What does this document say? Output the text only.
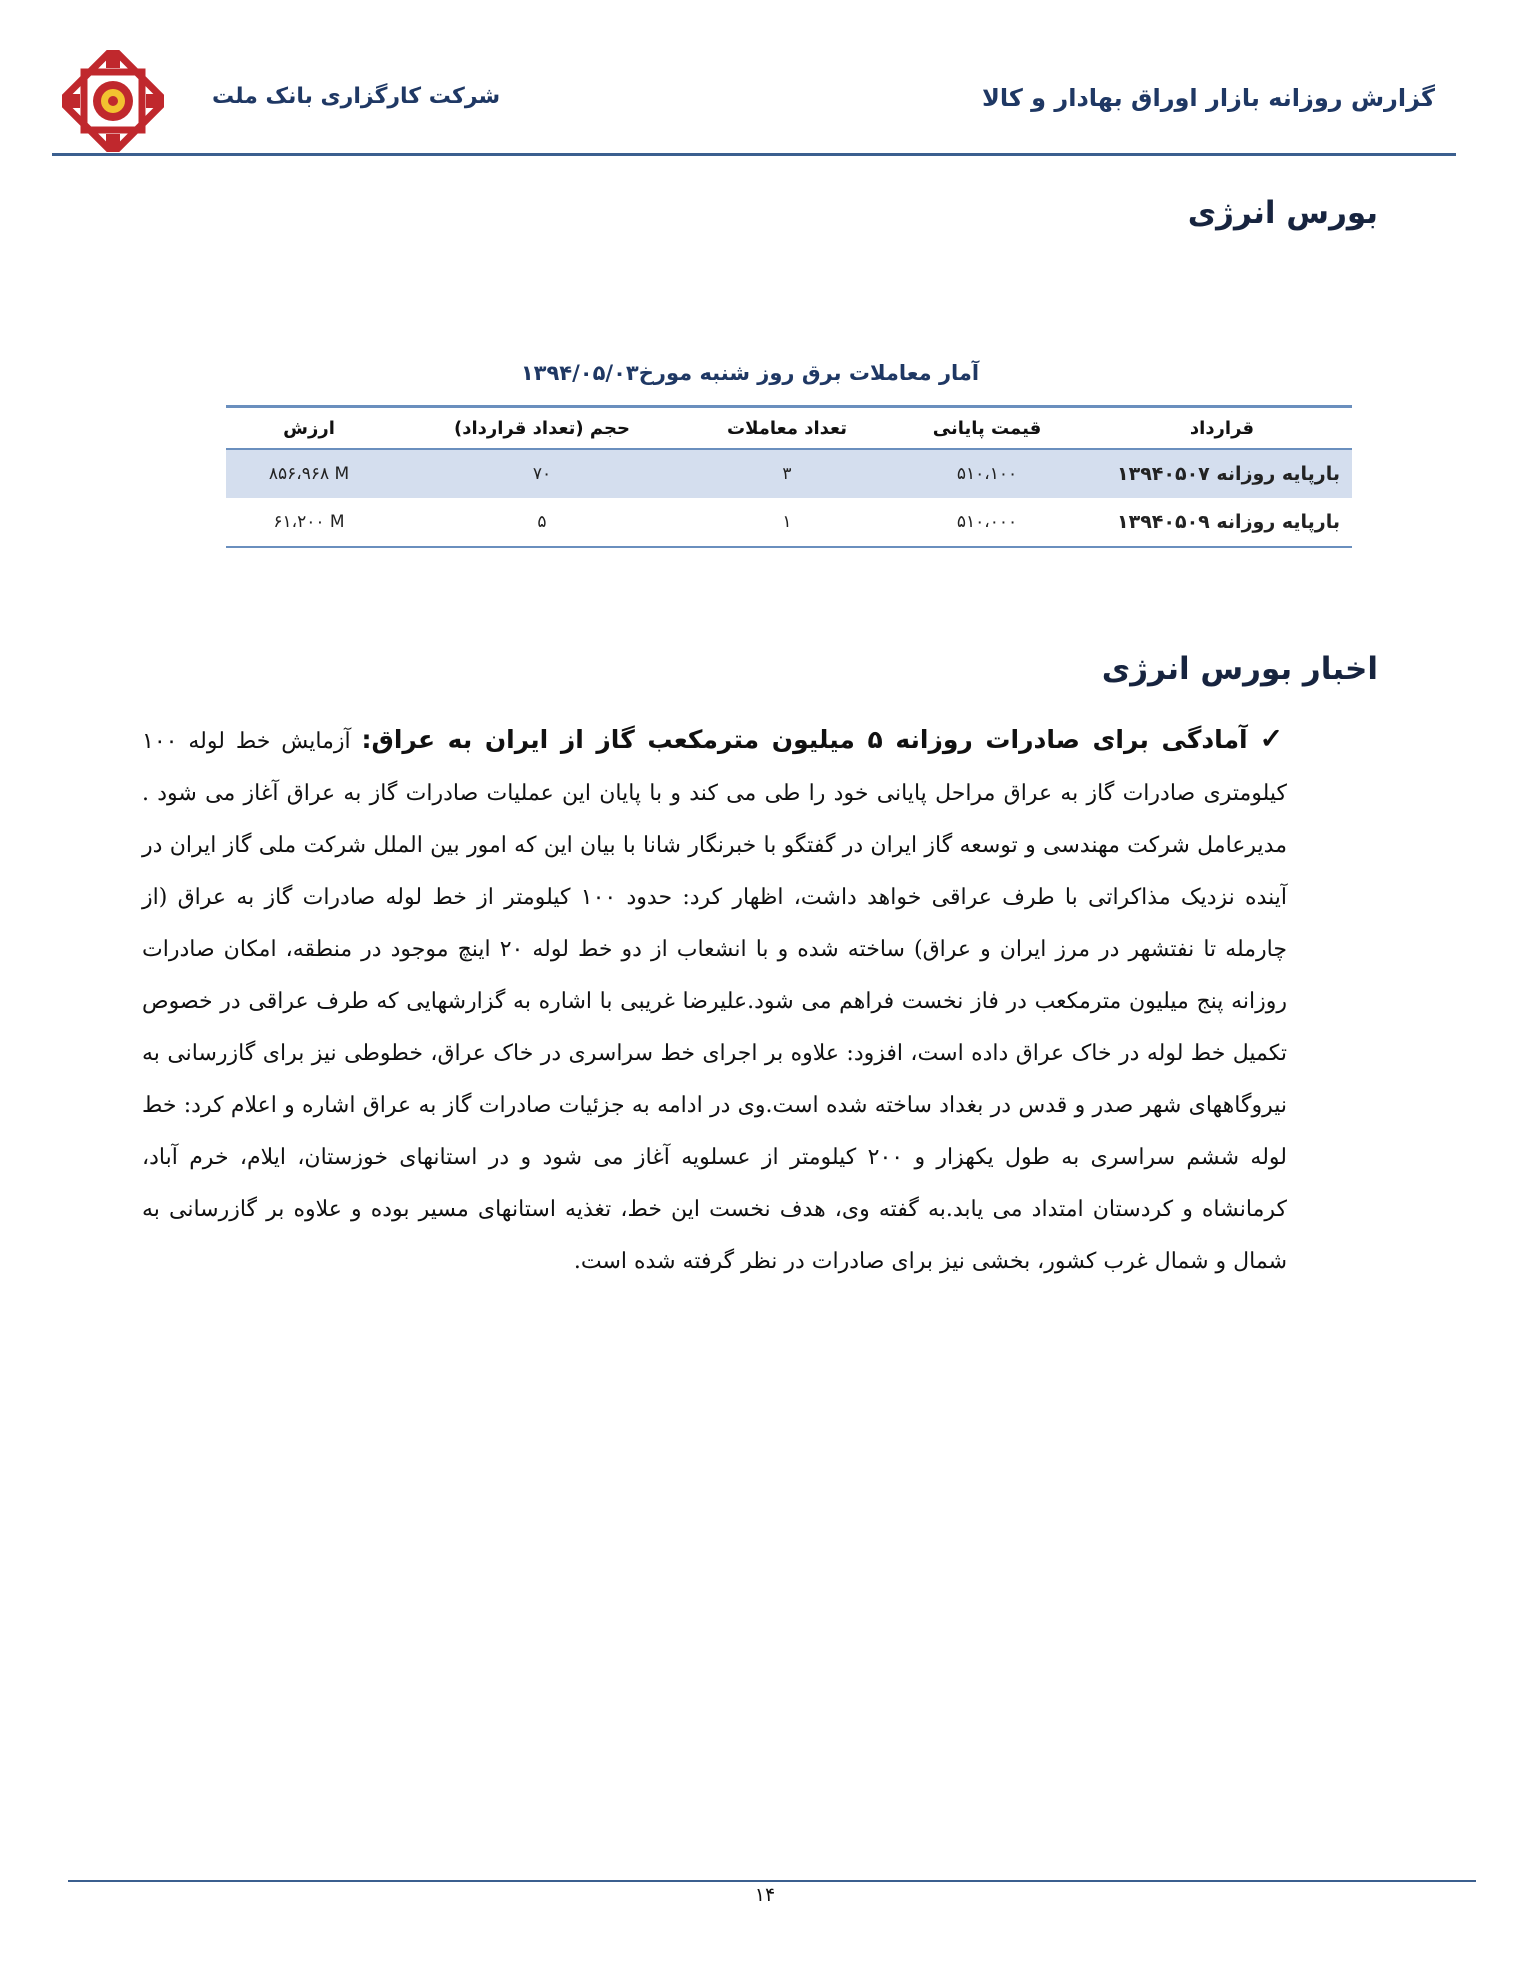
شرکت کارگزاری بانک ملت	گزارش روزانه بازار اوراق بهادار و کالا
بورس انرژی
آمار معاملات برق روز شنبه مورخ۱۳۹۴/۰۵/۰۳
قرارداد	قیمت پایانی	تعداد معاملات	حجم (تعداد قرارداد)	ارزش
بارپایه روزانه ۱۳۹۴۰۵۰۷	۵۱۰،۱۰۰	۳	۷۰	۸۵۶،۹۶۸ M
بارپایه روزانه ۱۳۹۴۰۵۰۹	۵۱۰،۰۰۰	۱	۵	۶۱،۲۰۰ M
اخبار بورس انرژی
✓آمادگی برای صادرات روزانه ۵ میلیون مترمکعب گاز از ایران به عراق: آزمایش خط لوله ۱۰۰ کیلومتری صادرات گاز به عراق مراحل پایانی خود را طی می کند و با پایان این عملیات صادرات گاز به عراق آغاز می شود . مدیرعامل شرکت مهندسی و توسعه گاز ایران در گفتگو با خبرنگار شانا با بیان این که امور بین الملل شرکت ملی گاز ایران در آینده نزدیک مذاکراتی با طرف عراقی خواهد داشت، اظهار کرد: حدود ۱۰۰ کیلومتر از خط لوله صادرات گاز به عراق (از چارمله تا نفتشهر در مرز ایران و عراق) ساخته شده و با انشعاب از دو خط لوله ۲۰ اینچ موجود در منطقه، امکان صادرات روزانه پنج میلیون مترمکعب در فاز نخست فراهم می شود.علیرضا غریبی با اشاره به گزارشهایی که طرف عراقی در خصوص تکمیل خط لوله در خاک عراق داده است، افزود: علاوه بر اجرای خط سراسری در خاک عراق، خطوطی نیز برای گازرسانی به نیروگاههای شهر صدر و قدس در بغداد ساخته شده است.وی در ادامه به جزئیات صادرات گاز به عراق اشاره و اعلام کرد: خط لوله ششم سراسری به طول یکهزار و ۲۰۰ کیلومتر از عسلویه آغاز می شود و در استانهای خوزستان، ایلام، خرم آباد، کرمانشاه و کردستان امتداد می یابد.به گفته وی، هدف نخست این خط، تغذیه استانهای مسیر بوده و علاوه بر گازرسانی به شمال و شمال غرب کشور، بخشی نیز برای صادرات در نظر گرفته شده است.
۱۴
